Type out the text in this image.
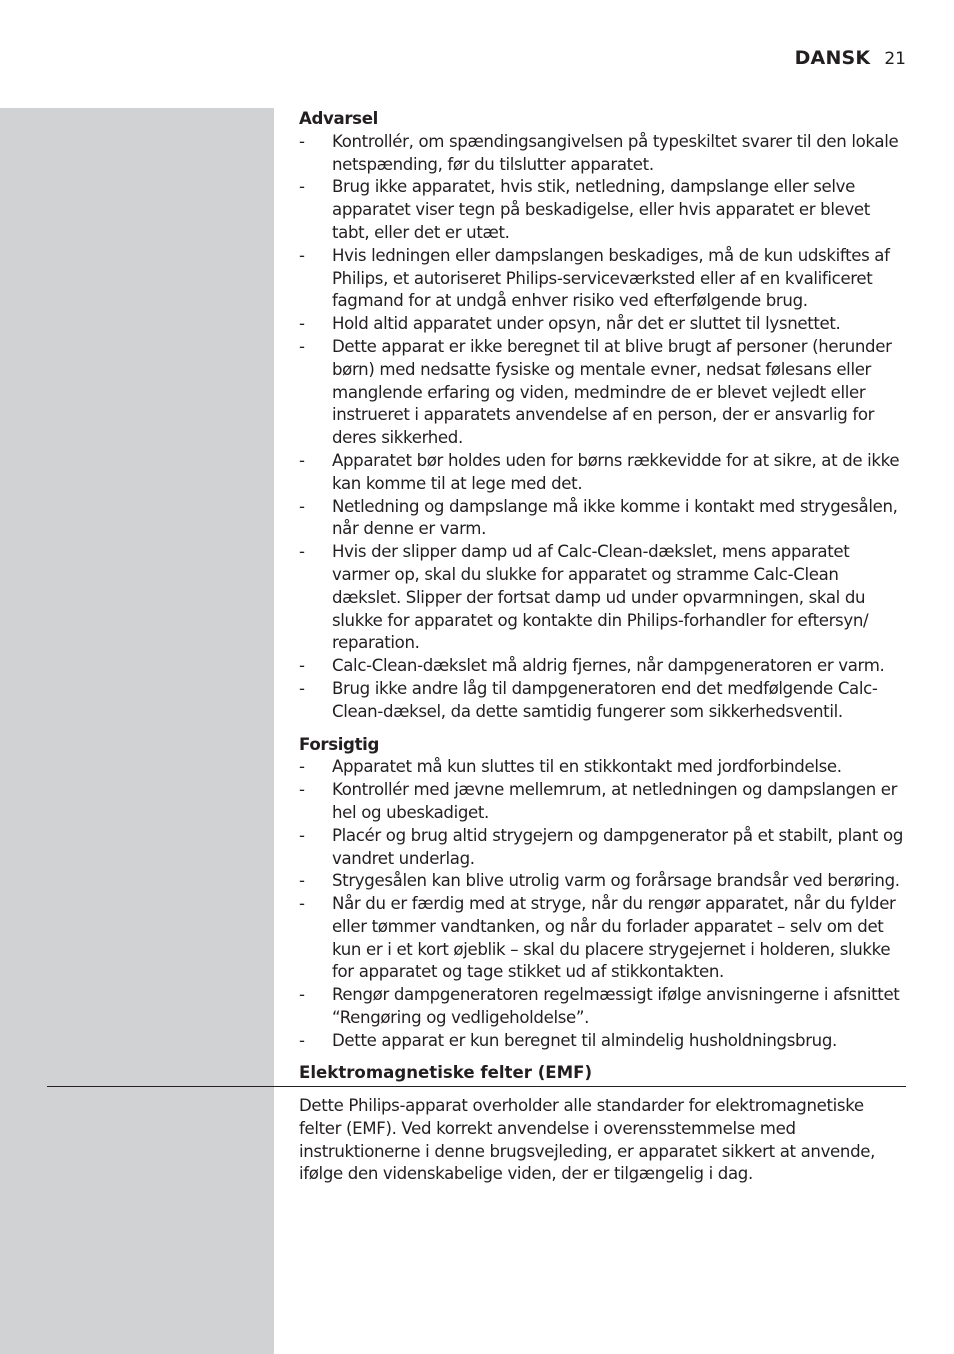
DANSK 21
Advarsel
- Kontrollér, om spændingsangivelsen på typeskiltet svarer til den lokale netspænding, før du tilslutter apparatet.
- Brug ikke apparatet, hvis stik, netledning, dampslange eller selve apparatet viser tegn på beskadigelse, eller hvis apparatet er blevet tabt, eller det er utæt.
- Hvis ledningen eller dampslangen beskadiges, må de kun udskiftes af Philips, et autoriseret Philips-serviceværksted eller af en kvalificeret fagmand for at undgå enhver risiko ved efterfølgende brug.
- Hold altid apparatet under opsyn, når det er sluttet til lysnettet.
- Dette apparat er ikke beregnet til at blive brugt af personer (herunder børn) med nedsatte fysiske og mentale evner, nedsat følesans eller manglende erfaring og viden, medmindre de er blevet vejledt eller instrueret i apparatets anvendelse af en person, der er ansvarlig for deres sikkerhed.
- Apparatet bør holdes uden for børns rækkevidde for at sikre, at de ikke kan komme til at lege med det.
- Netledning og dampslange må ikke komme i kontakt med strygesålen, når denne er varm.
- Hvis der slipper damp ud af Calc-Clean-dækslet, mens apparatet varmer op, skal du slukke for apparatet og stramme Calc-Clean dækslet. Slipper der fortsat damp ud under opvarmningen, skal du slukke for apparatet og kontakte din Philips-forhandler for eftersyn/ reparation.
- Calc-Clean-dækslet må aldrig fjernes, når dampgeneratoren er varm.
- Brug ikke andre låg til dampgeneratoren end det medfølgende Calc-Clean-dæksel, da dette samtidig fungerer som sikkerhedsventil.
Forsigtig
- Apparatet må kun sluttes til en stikkontakt med jordforbindelse.
- Kontrollér med jævne mellemrum, at netledningen og dampslangen er hel og ubeskadiget.
- Placér og brug altid strygejern og dampgenerator på et stabilt, plant og vandret underlag.
- Strygesålen kan blive utrolig varm og forårsage brandsår ved berøring.
- Når du er færdig med at stryge, når du rengør apparatet, når du fylder eller tømmer vandtanken, og når du forlader apparatet – selv om det kun er i et kort øjeblik – skal du placere strygejernet i holderen, slukke for apparatet og tage stikket ud af stikkontakten.
- Rengør dampgeneratoren regelmæssigt ifølge anvisningerne i afsnittet “Rengøring og vedligeholdelse”.
- Dette apparat er kun beregnet til almindelig husholdningsbrug.
Elektromagnetiske felter (EMF)

Dette Philips-apparat overholder alle standarder for elektromagnetiske felter (EMF). Ved korrekt anvendelse i overensstemmelse med instruktionerne i denne brugsvejleding, er apparatet sikkert at anvende, ifølge den videnskabelige viden, der er tilgængelig i dag.
